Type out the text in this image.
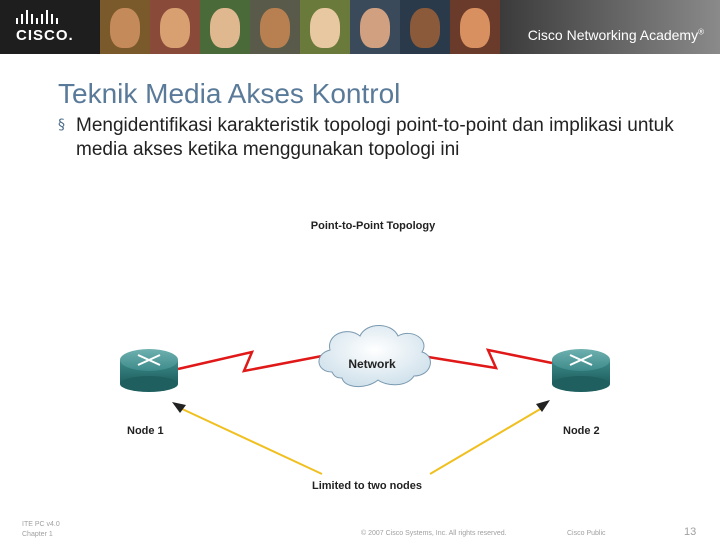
CISCO.	Cisco Networking Academy®
Teknik Media Akses Kontrol
§ Mengidentifikasi karakteristik topologi point-to-point dan implikasi untuk media akses ketika menggunakan topologi ini
Point-to-Point Topology
Network
Node 1	Node 2
Limited to two nodes
ITE PC v4.0
Chapter 1	© 2007 Cisco Systems, Inc. All rights reserved.	Cisco Public	13
